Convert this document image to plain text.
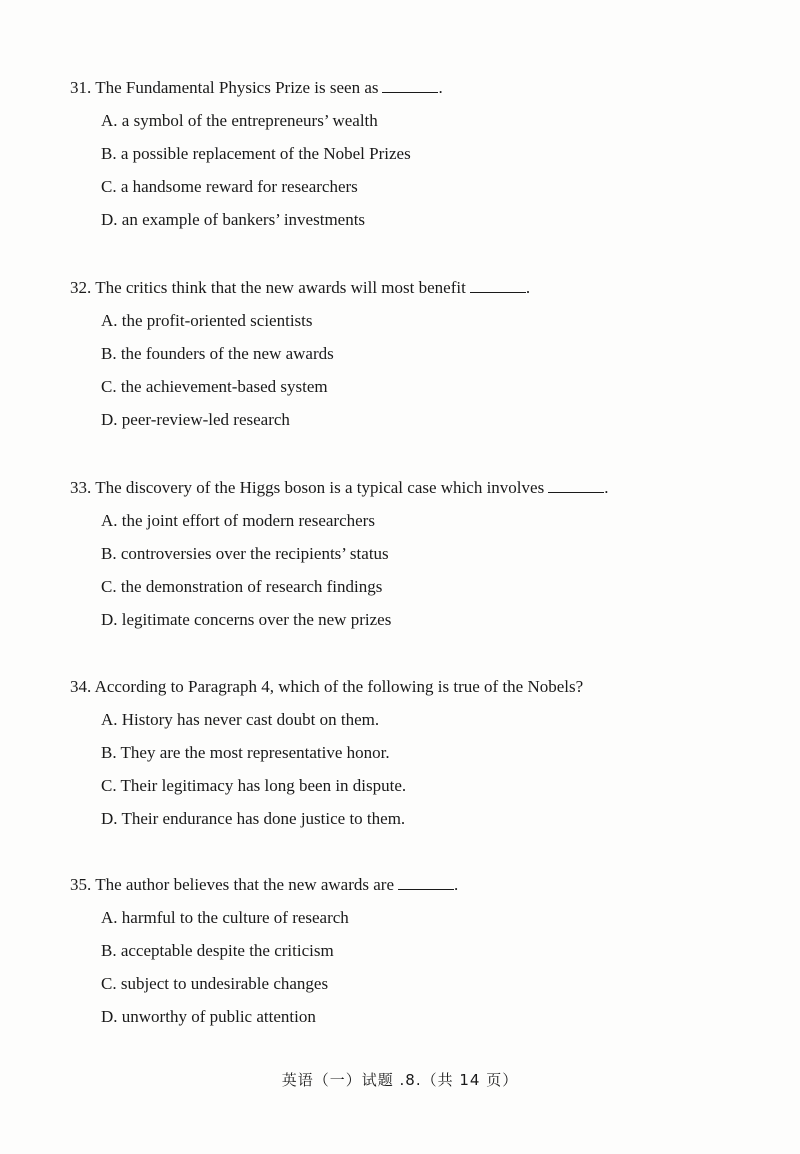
31. The Fundamental Physics Prize is seen as	.
A. a symbol of the entrepreneurs’ wealth
B. a possible replacement of the Nobel Prizes
C. a handsome reward for researchers
D. an example of bankers’ investments
32. The critics think that the new awards will most benefit	.
A. the profit-oriented scientists
B. the founders of the new awards
C. the achievement-based system
D. peer-review-led research
33. The discovery of the Higgs boson is a typical case which involves	.
A. the joint effort of modern researchers
B. controversies over the recipients’ status
C. the demonstration of research findings
D. legitimate concerns over the new prizes
34. According to Paragraph 4, which of the following is true of the Nobels?
A. History has never cast doubt on them.
B. They are the most representative honor.
C. Their legitimacy has long been in dispute.
D. Their endurance has done justice to them.
35. The author believes that the new awards are	.
A. harmful to the culture of research
B. acceptable despite the criticism
C. subject to undesirable changes
D. unworthy of public attention
英语（一）试题 .8.（共 14 页）
